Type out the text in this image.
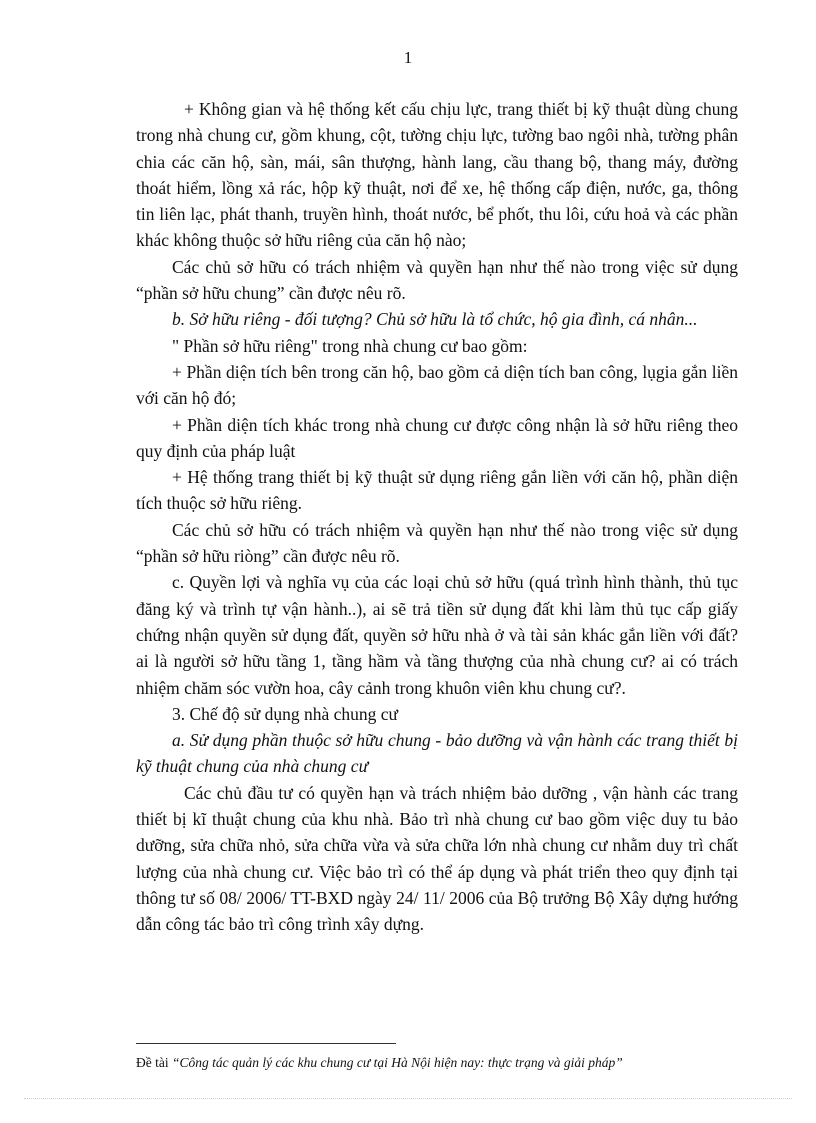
1

+ Không gian và hệ thống kết cấu chịu lực, trang thiết bị kỹ thuật dùng chung trong nhà chung cư, gồm khung, cột, tường chịu lực, tường bao ngôi nhà, tường phân chia các căn hộ, sàn, mái, sân thượng, hành lang, cầu thang bộ, thang máy, đường thoát hiểm, lồng xả rác, hộp kỹ thuật, nơi để xe, hệ thống cấp điện, nước, ga, thông tin liên lạc, phát thanh, truyền hình, thoát nước, bể phốt, thu lôi, cứu hoả và các phần khác không thuộc sở hữu riêng của căn hộ nào;

Các chủ sở hữu có trách nhiệm và quyền hạn như thế nào trong việc sử dụng “phần sở hữu chung” cần được nêu rõ.

b. Sở hữu riêng - đối tượng? Chủ sở hữu là tổ chức, hộ gia đình, cá nhân...

" Phần sở hữu riêng" trong nhà chung cư bao gồm:

+ Phần diện tích bên trong căn hộ, bao gồm cả diện tích ban công, lụgia gắn liền với căn hộ đó;

+ Phần diện tích khác trong nhà chung cư được công nhận là sở hữu riêng theo quy định của pháp luật

+ Hệ thống trang thiết bị kỹ thuật sử dụng riêng gắn liền với căn hộ, phần diện tích thuộc sở hữu riêng.

Các chủ sở hữu có trách nhiệm và quyền hạn như thế nào trong việc sử dụng “phần sở hữu riòng” cần được nêu rõ.

c. Quyền lợi và nghĩa vụ của các loại chủ sở hữu (quá trình hình thành, thủ tục đăng ký và trình tự vận hành..), ai sẽ trả tiền sử dụng đất khi làm thủ tục cấp giấy chứng nhận quyền sử dụng đất, quyền sở hữu nhà ở và tài sản khác gắn liền với đất? ai là người sở hữu tầng 1, tầng hầm và tầng thượng của nhà chung cư? ai có trách nhiệm chăm sóc vườn hoa, cây cảnh trong khuôn viên khu chung cư?.

3. Chế độ sử dụng nhà chung cư

a. Sử dụng phần thuộc sở hữu chung - bảo dưỡng và vận hành các trang thiết bị kỹ thuật chung của nhà chung cư

Các chủ đầu tư có quyền hạn và trách nhiệm bảo dưỡng , vận hành các trang thiết bị kĩ thuật chung của khu nhà. Bảo trì nhà chung cư bao gồm việc duy tu bảo dưỡng, sửa chữa nhỏ, sửa chữa vừa và sửa chữa lớn nhà chung cư nhằm duy trì chất lượng của nhà chung cư. Việc bảo trì có thể áp dụng và phát triển theo quy định tại thông tư số 08/ 2006/ TT-BXD ngày 24/ 11/ 2006 của Bộ trưởng Bộ Xây dựng hướng dẫn công tác bảo trì công trình xây dựng.

Đề tài “Công tác quản lý các khu chung cư tại Hà Nội hiện nay: thực trạng và giải pháp”
